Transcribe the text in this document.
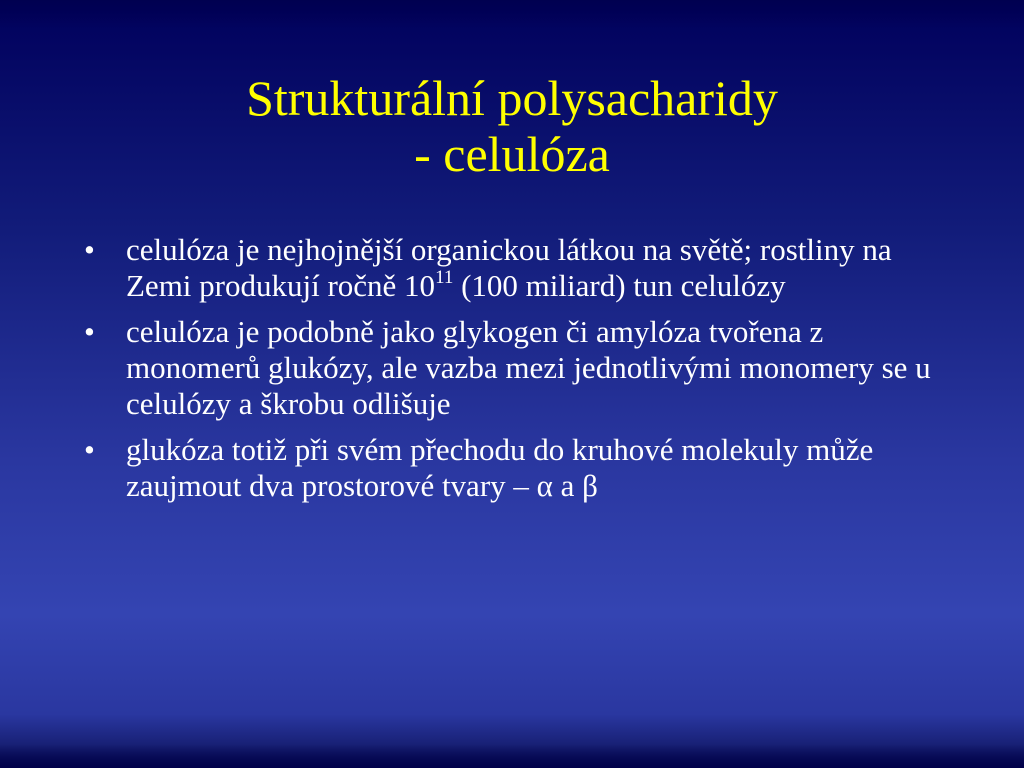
Strukturální polysacharidy
- celulóza
•	celulóza je nejhojnější organickou látkou na světě; rostliny na Zemi produkují ročně $10^{11}$ (100 miliard) tun celulózy
•	celulóza je podobně jako glykogen či amylóza tvořena z monomerů glukózy, ale vazba mezi jednotlivými monomery se u celulózy a škrobu odlišuje
•	glukóza totiž při svém přechodu do kruhové molekuly může zaujmout dva prostorové tvary – α a β
